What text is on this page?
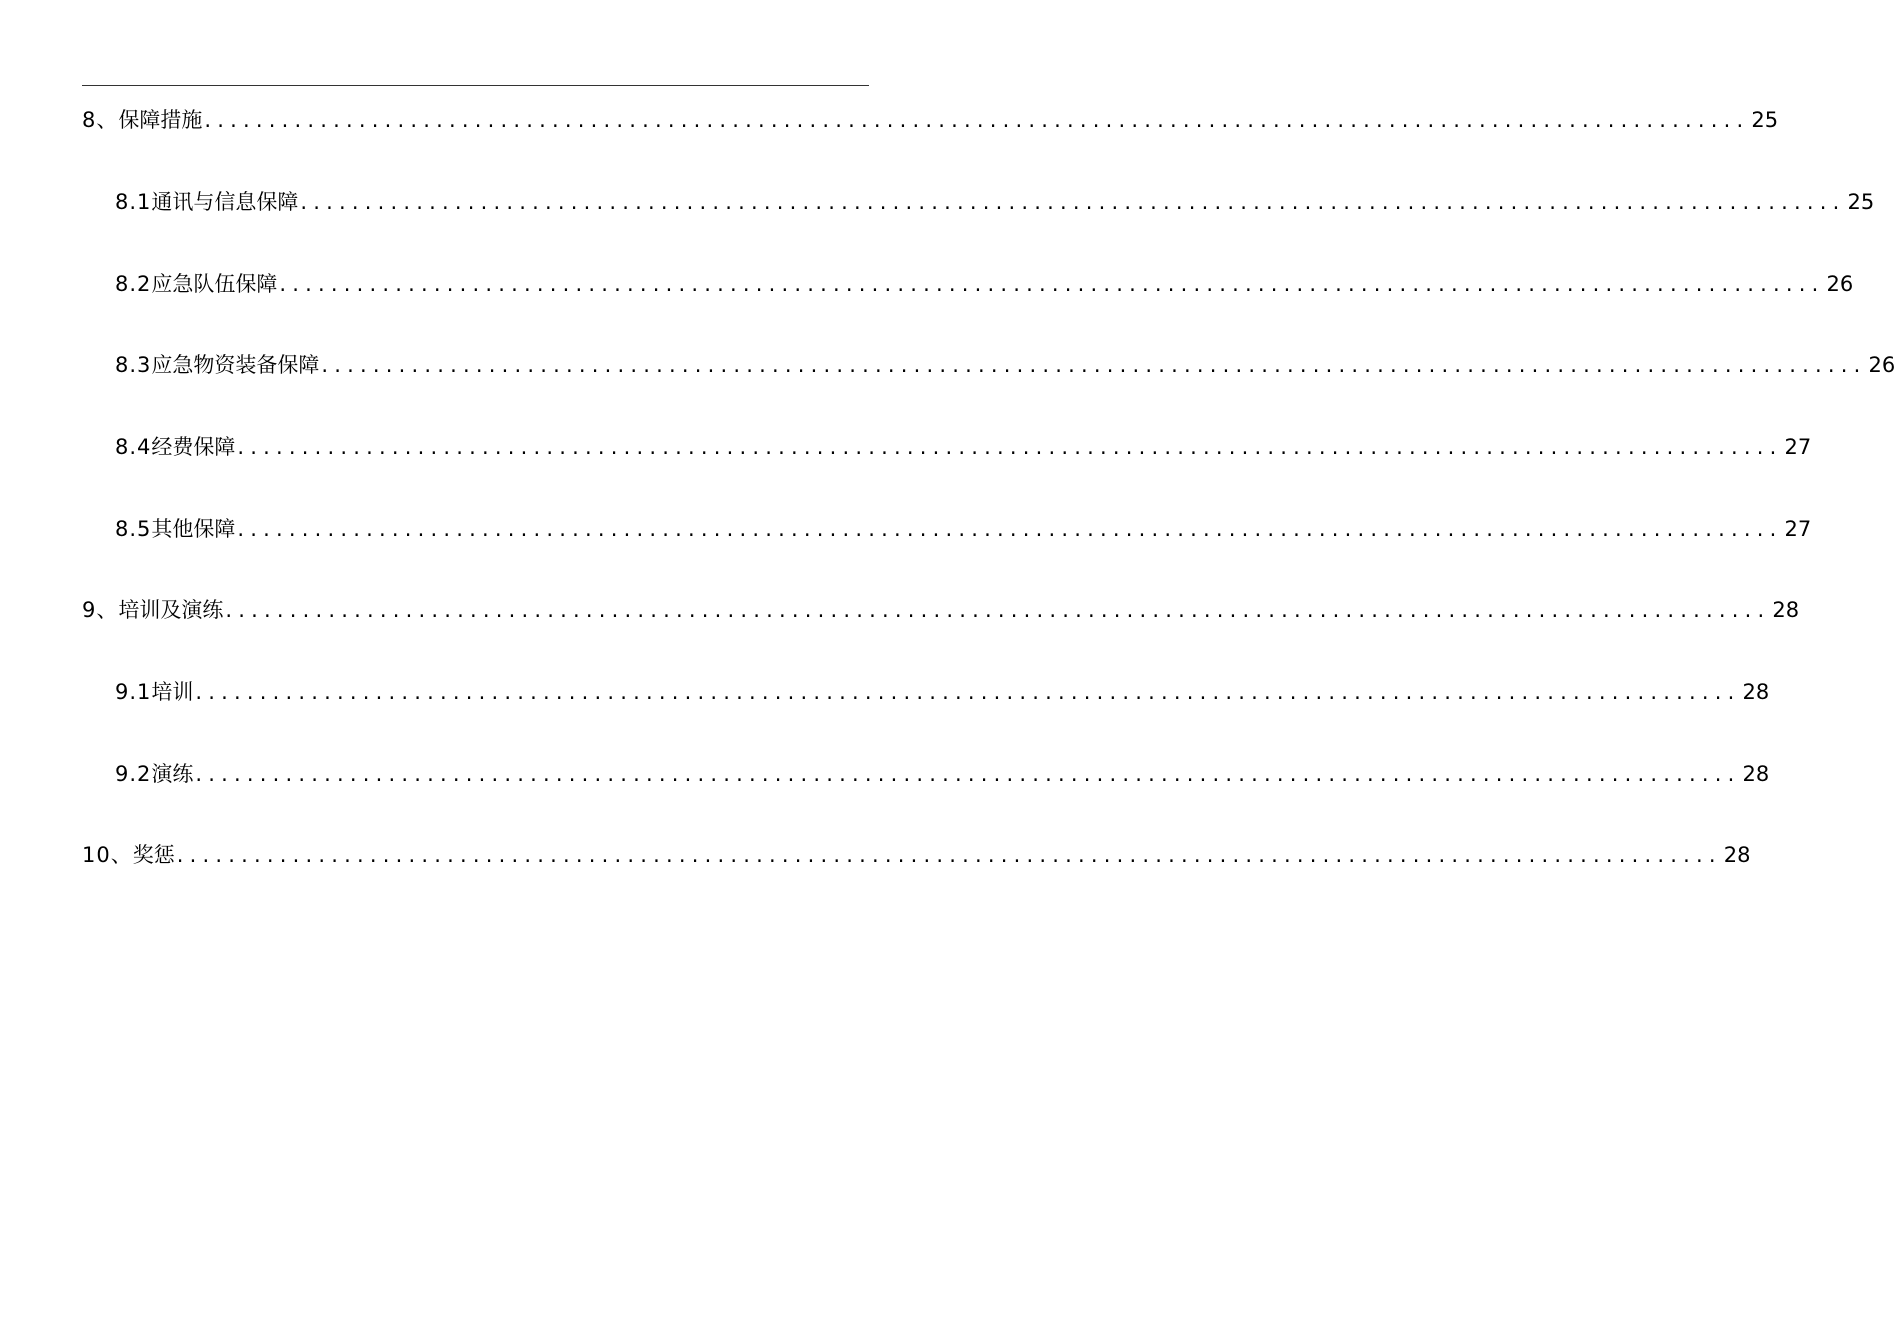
8、 保障措施 ........................................................................................................................ 25
8.1 通讯与信息保障 ........................................................................................................................ 25
8.2 应急队伍保障 ........................................................................................................................ 26
8.3 应急物资装备保障 ........................................................................................................................ 26
8.4 经费保障 ........................................................................................................................ 27
8.5 其他保障 ........................................................................................................................ 27
9、 培训及演练 ........................................................................................................................ 28
9.1 培训 ........................................................................................................................ 28
9.2 演练 ........................................................................................................................ 28
10、 奖惩 ........................................................................................................................ 28
